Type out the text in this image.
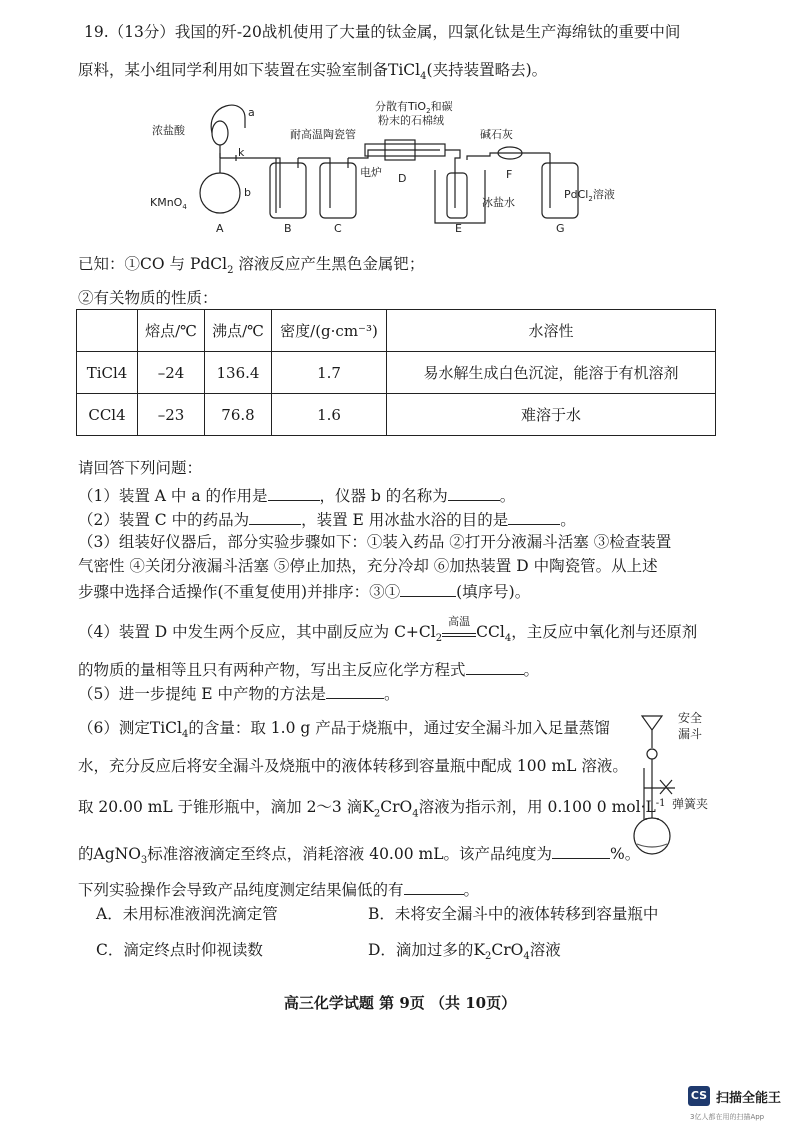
19.（13分）我国的歼-20战机使用了大量的钛金属，四氯化钛是生产海绵钛的重要中间
原料，某小组同学利用如下装置在实验室制备TiCl$_4$(夹持装置略去)。
a
b
k
浓盐酸
KMnO$_4$
耐高温陶瓷管
分散有TiO$_2$和碳
粉末的石棉绒
电炉
碱石灰
冰盐水
PdCl$_2$溶液
A	B	C
D
E
F
G
已知：①CO 与 PdCl$_2$ 溶液反应产生黑色金属钯；
②有关物质的性质：
	熔点/℃	沸点/℃	密度/(g·cm⁻³)	水溶性
TiCl4	–24	136.4	1.7	易水解生成白色沉淀，能溶于有机溶剂
CCl4	–23	76.8	1.6	难溶于水
请回答下列问题：
（1）装置 A 中 a 的作用是	，仪器 b 的名称为	。
（2）装置 C 中的药品为	，装置 E 用冰盐水浴的目的是	。
（3）组装好仪器后，部分实验步骤如下：①装入药品 ②打开分液漏斗活塞 ③检查装置
气密性 ④关闭分液漏斗活塞 ⑤停止加热，充分冷却 ⑥加热装置 D 中陶瓷管。从上述
步骤中选择合适操作(不重复使用)并排序：③①	(填序号)。
（4）装置 D 中发生两个反应，其中副反应为 $C+Cl_2$
高温
CCl$_4$，主反应中氧化剂与还原剂
的物质的量相等且只有两种产物，写出主反应化学方程式	。
（5）进一步提纯 E 中产物的方法是	。
（6）测定TiCl$_4$的含量：取 1.0 g 产品于烧瓶中，通过安全漏斗加入足量蒸馏
水，充分反应后将安全漏斗及烧瓶中的液体转移到容量瓶中配成 100 mL 溶液。
取 20.00 mL 于锥形瓶中，滴加 2～3 滴$K_2CrO_4$溶液为指示剂，用 0.100 0 $mol\cdot L^{-1}$
的AgNO$_3$标准溶液滴定至终点，消耗溶液 40.00 mL。该产品纯度为	%。
下列实验操作会导致产品纯度测定结果偏低的有	。
A．未用标准液润洗滴定管	B．未将安全漏斗中的液体转移到容量瓶中
C．滴定终点时仰视读数	D．滴加过多的$K_2CrO_4$溶液
安全
漏斗
弹簧夹
高三化学试题 第 9页 （共 10页）
CS 扫描全能王
3亿人都在用的扫描App
